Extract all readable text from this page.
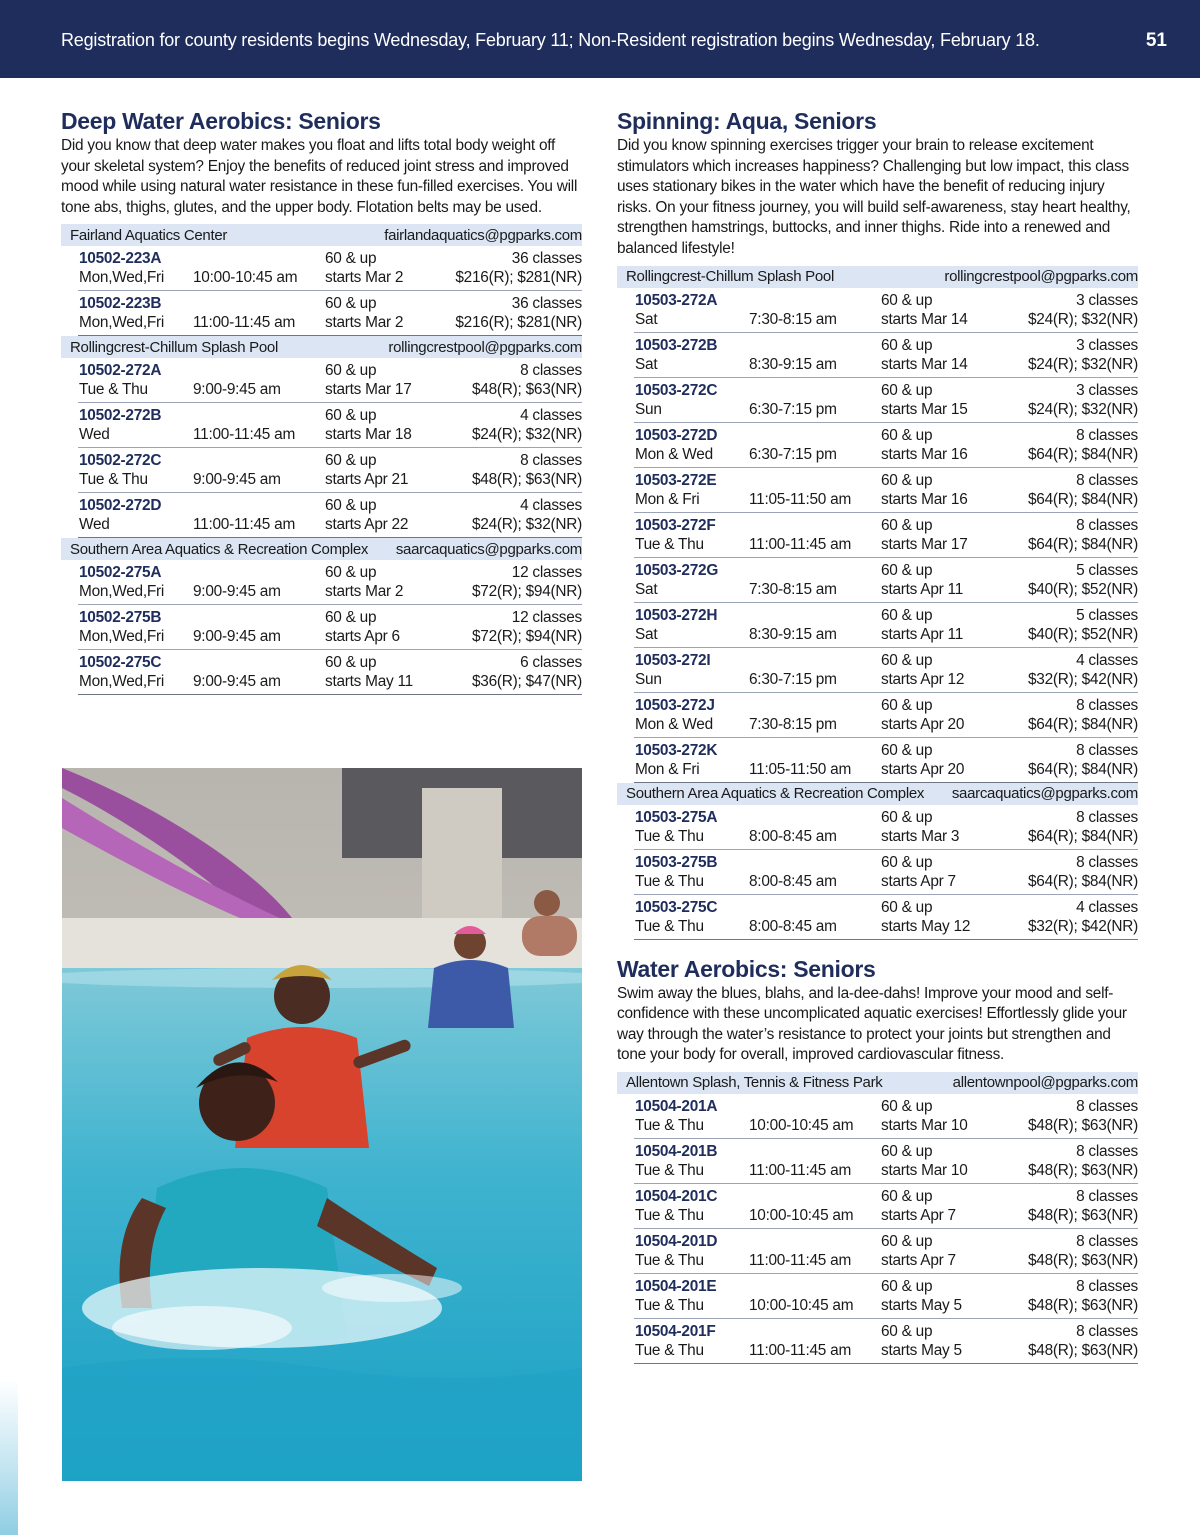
Registration for county residents begins Wednesday, February 11; Non-Resident registration begins Wednesday, February 18.	51
Deep Water Aerobics: Seniors

Did you know that deep water makes you float and lifts total body weight off your skeletal system? Enjoy the benefits of reduced joint stress and improved mood while using natural water resistance in these fun-filled exercises. You will tone abs, thighs, glutes, and the upper body. Flotation belts may be used.

Fairland Aquatics Center	fairlandaquatics@pgparks.com
10502-223A
Mon,Wed,Fri 10:00-10:45 am
60 & up
starts Mar 2
36 classes
$216(R); $281(NR)
10502-223B
Mon,Wed,Fri 11:00-11:45 am
60 & up
starts Mar 2
36 classes
$216(R); $281(NR)
Rollingcrest-Chillum Splash Pool	rollingcrestpool@pgparks.com
10502-272A
Tue & Thu	9:00-9:45 am
60 & up
starts Mar 17
8 classes
$48(R); $63(NR)
10502-272B
Wed	11:00-11:45 am
60 & up
starts Mar 18
4 classes
$24(R); $32(NR)
10502-272C
Tue & Thu	9:00-9:45 am
60 & up
starts Apr 21
8 classes
$48(R); $63(NR)
10502-272D
Wed	11:00-11:45 am
60 & up
starts Apr 22
4 classes
$24(R); $32(NR)
Southern Area Aquatics & Recreation Complex saarcaquatics@pgparks.com
10502-275A
Mon,Wed,Fri 9:00-9:45 am
60 & up
starts Mar 2
12 classes
$72(R); $94(NR)
10502-275B
Mon,Wed,Fri 9:00-9:45 am
60 & up
starts Apr 6
12 classes
$72(R); $94(NR)
10502-275C
Mon,Wed,Fri 9:00-9:45 am
60 & up
starts May 11
6 classes
$36(R); $47(NR)
Spinning: Aqua, Seniors

Did you know spinning exercises trigger your brain to release excitement stimulators which increases happiness? Challenging but low impact, this class uses stationary bikes in the water which have the benefit of reducing injury risks. On your fitness journey, you will build self-awareness, stay heart healthy, strengthen hamstrings, buttocks, and inner thighs. Ride into a renewed and balanced lifestyle!

Rollingcrest-Chillum Splash Pool	rollingcrestpool@pgparks.com
10503-272A
Sat	7:30-8:15 am
60 & up
starts Mar 14
3 classes
$24(R); $32(NR)
10503-272B
Sat	8:30-9:15 am
60 & up
starts Mar 14
3 classes
$24(R); $32(NR)
10503-272C
Sun	6:30-7:15 pm
60 & up
starts Mar 15
3 classes
$24(R); $32(NR)
10503-272D
Mon & Wed 6:30-7:15 pm
60 & up
starts Mar 16
8 classes
$64(R); $84(NR)
10503-272E
Mon & Fri	11:05-11:50 am
60 & up
starts Mar 16
8 classes
$64(R); $84(NR)
10503-272F
Tue & Thu	11:00-11:45 am
60 & up
starts Mar 17
8 classes
$64(R); $84(NR)
10503-272G
Sat	7:30-8:15 am
60 & up
starts Apr 11
5 classes
$40(R); $52(NR)
10503-272H
Sat	8:30-9:15 am
60 & up
starts Apr 11
5 classes
$40(R); $52(NR)
10503-272I
Sun	6:30-7:15 pm
60 & up
starts Apr 12
4 classes
$32(R); $42(NR)
10503-272J
Mon & Wed 7:30-8:15 pm
60 & up
starts Apr 20
8 classes
$64(R); $84(NR)
10503-272K
Mon & Fri	11:05-11:50 am
60 & up
starts Apr 20
8 classes
$64(R); $84(NR)
Southern Area Aquatics & Recreation Complex saarcaquatics@pgparks.com
10503-275A
Tue & Thu	8:00-8:45 am
60 & up
starts Mar 3
8 classes
$64(R); $84(NR)
10503-275B
Tue & Thu	8:00-8:45 am
60 & up
starts Apr 7
8 classes
$64(R); $84(NR)
10503-275C
Tue & Thu	8:00-8:45 am
60 & up
starts May 12
4 classes
$32(R); $42(NR)
Water Aerobics: Seniors

Swim away the blues, blahs, and la-dee-dahs! Improve your mood and self-confidence with these uncomplicated aquatic exercises! Effortlessly glide your way through the water’s resistance to protect your joints but strengthen and tone your body for overall, improved cardiovascular fitness.

Allentown Splash, Tennis & Fitness Park	allentownpool@pgparks.com
10504-201A
Tue & Thu	10:00-10:45 am
60 & up
starts Mar 10
8 classes
$48(R); $63(NR)
10504-201B
Tue & Thu	11:00-11:45 am
60 & up
starts Mar 10
8 classes
$48(R); $63(NR)
10504-201C
Tue & Thu	10:00-10:45 am
60 & up
starts Apr 7
8 classes
$48(R); $63(NR)
10504-201D
Tue & Thu	11:00-11:45 am
60 & up
starts Apr 7
8 classes
$48(R); $63(NR)
10504-201E
Tue & Thu	10:00-10:45 am
60 & up
starts May 5
8 classes
$48(R); $63(NR)
10504-201F
Tue & Thu	11:00-11:45 am
60 & up
starts May 5
8 classes
$48(R); $63(NR)
